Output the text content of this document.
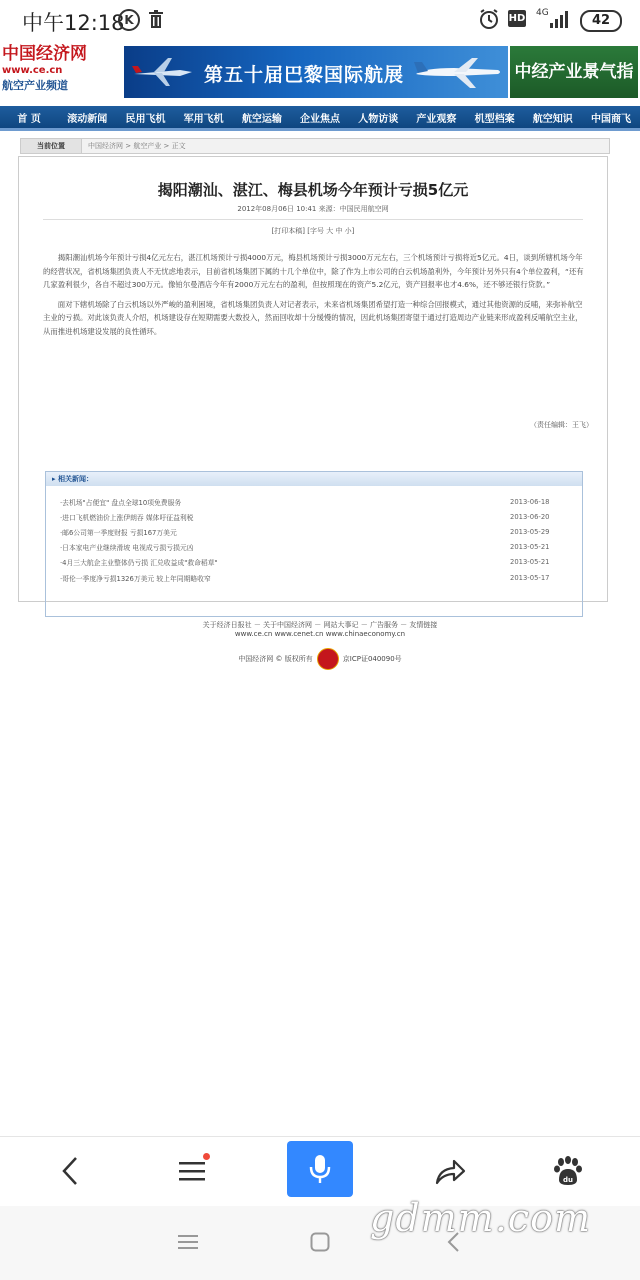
中午12:18 K	HD 4G	42
中国经济网
www.ce.cn
航空产业频道	第五十届巴黎国际航展	中经产业景气指
首 页	滚动新闻	民用飞机	军用飞机	航空运输	企业焦点	人物访谈	产业观察	机型档案	航空知识	中国商飞
当前位置	中国经济网 > 航空产业 > 正文
揭阳潮汕、湛江、梅县机场今年预计亏损5亿元
2012年08月06日 10:41 来源：中国民用航空网
[打印本稿] [字号 大 中 小]

揭阳潮汕机场今年预计亏损4亿元左右，湛江机场预计亏损4000万元，梅县机场预计亏损3000万元左右，三个机场预计亏损将近5亿元。4日，谈到所辖机场今年的经营状况，省机场集团负责人不无忧虑地表示，目前省机场集团下属的十几个单位中，除了作为上市公司的白云机场盈利外，今年预计另外只有4个单位盈利，“还有几家盈利很少，各自不超过300万元。像铂尔曼酒店今年有2000万元左右的盈利，但按照现在的资产5.2亿元，资产回报率也才4.6%，还不够还银行贷款。”

面对下辖机场除了白云机场以外严峻的盈利困境，省机场集团负责人对记者表示，未来省机场集团希望打造一种综合回报模式，通过其他资源的反哺，来弥补航空主业的亏损。对此该负责人介绍，机场建设存在短期需要大数投入，然而回收却十分缓慢的情况，因此机场集团寄望于通过打造周边产业链来形成盈利反哺航空主业，从而推进机场建设发展的良性循环。

（责任编辑：王飞）
▸ 相关新闻：
·去机场"占便宜" 盘点全球10项免费服务	2013-06-18
·进口飞机燃油价上涨伊朗吞 媒体吁征益利税	2013-06-20
·邮6公司第一季度财报 亏损167万美元	2013-05-29
·日本家电产业继续滑坡 电视成亏损亏损元凶	2013-05-21
·4月三大航企主业整体仍亏损 汇兑收益成"救命稻草"	2013-05-21
·哥伦一季度净亏损1326万美元 较上年同期略收窄	2013-05-17
关于经济日报社 － 关于中国经济网 － 网站大事记 － 广告服务 － 友情链接
www.ce.cn www.cenet.cn www.chinaeconomy.cn
中国经济网 © 版权所有	京ICP证040090号
du
gdmm.com
